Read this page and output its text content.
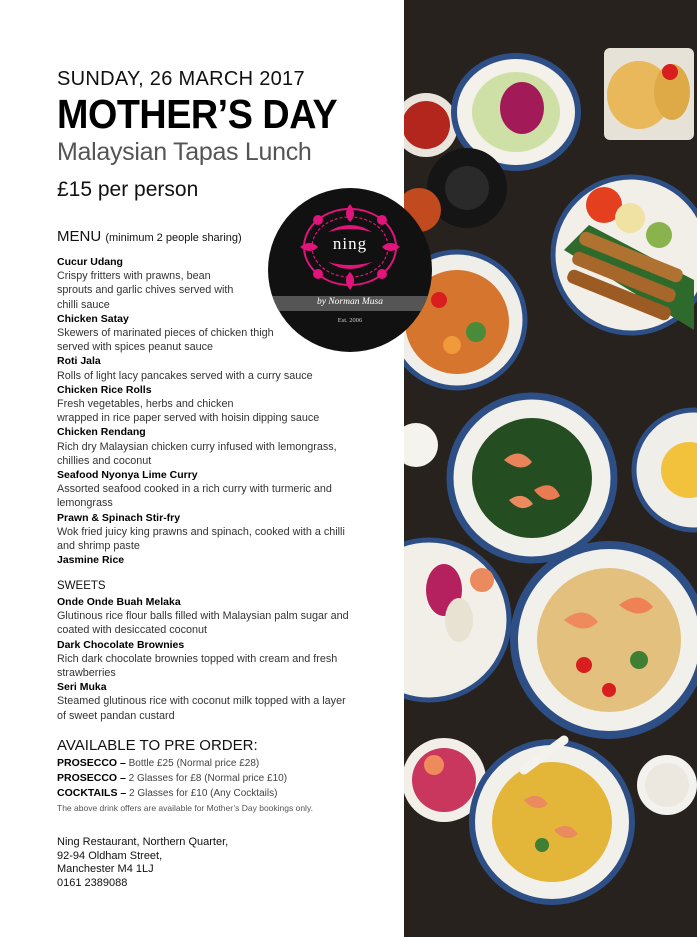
SUNDAY, 26 MARCH 2017
MOTHER’S DAY
Malaysian Tapas Lunch
£15 per person
MENU (minimum 2 people sharing)
Cucur Udang
Crispy fritters with prawns, bean
sprouts and garlic chives served with
chilli sauce
Chicken Satay
Skewers of marinated pieces of chicken thigh
served with spices peanut sauce
Roti Jala
Rolls of light lacy pancakes served with a curry sauce
Chicken Rice Rolls
Fresh vegetables, herbs and chicken
wrapped in rice paper served with hoisin dipping sauce
Chicken Rendang
Rich dry Malaysian chicken curry infused with lemongrass,
chillies and coconut
Seafood Nyonya Lime Curry
Assorted seafood cooked in a rich curry with turmeric and
lemongrass
Prawn & Spinach Stir-fry
Wok fried juicy king prawns and spinach, cooked with a chilli
and shrimp paste
Jasmine Rice
SWEETS
Onde Onde Buah Melaka
Glutinous rice flour balls filled with Malaysian palm sugar and
coated with desiccated coconut
Dark Chocolate Brownies
Rich dark chocolate brownies topped with cream and fresh
strawberries
Seri Muka
Steamed glutinous rice with coconut milk topped with a layer
of sweet pandan custard
AVAILABLE TO PRE ORDER:
PROSECCO – Bottle £25 (Normal price £28)
PROSECCO – 2 Glasses for £8 (Normal price £10)
COCKTAILS – 2 Glasses for £10 (Any Cocktails)
The above drink offers are available for Mother’s Day bookings only.
Ning Restaurant, Northern Quarter,
92-94 Oldham Street,
Manchester M4 1LJ
0161 2389088
ning
by Norman Musa
Est. 2006
